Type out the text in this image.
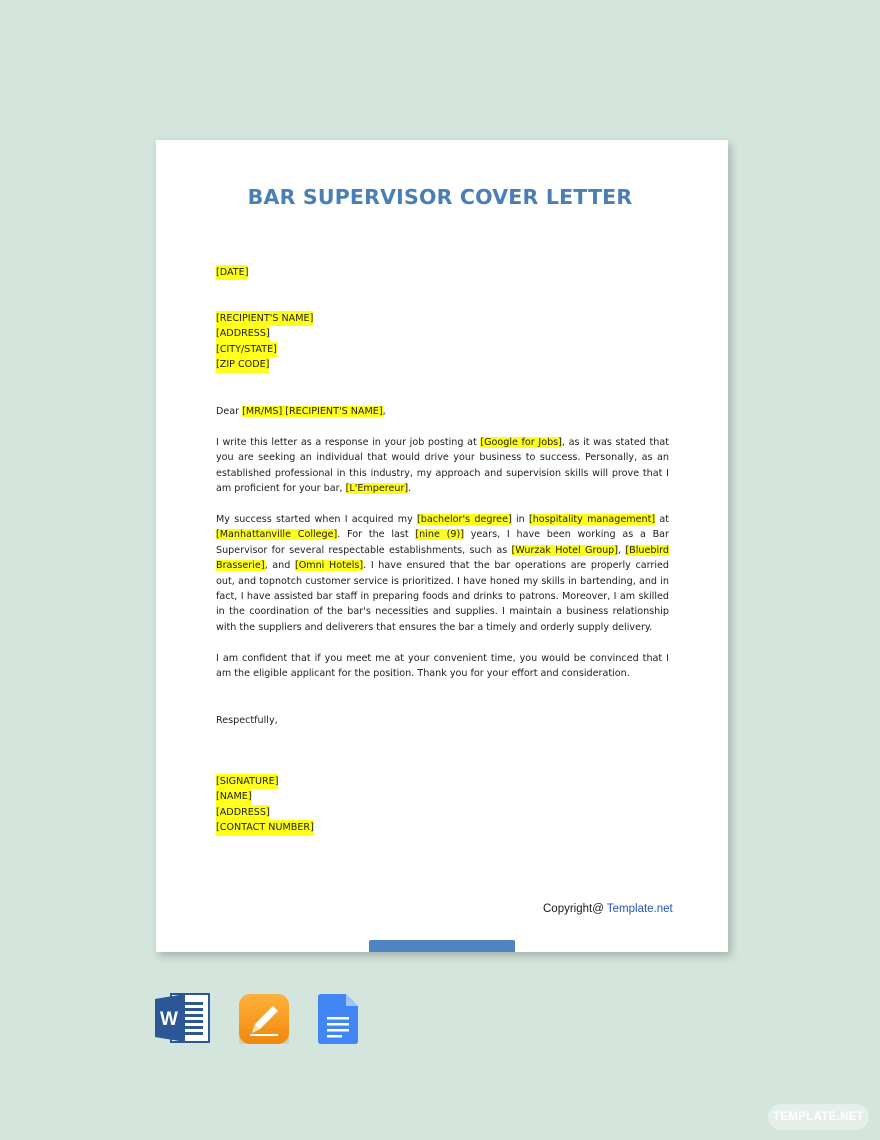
BAR SUPERVISOR COVER LETTER
[DATE]
[RECIPIENT'S NAME]
[ADDRESS]
[CITY/STATE]
[ZIP CODE]
Dear [MR/MS] [RECIPIENT'S NAME],

I write this letter as a response in your job posting at [Google for Jobs], as it was stated that you are seeking an individual that would drive your business to success. Personally, as an established professional in this industry, my approach and supervision skills will prove that I am proficient for your bar, [L'Empereur].

My success started when I acquired my [bachelor's degree] in [hospitality management] at [Manhattanville College]. For the last [nine (9)] years, I have been working as a Bar Supervisor for several respectable establishments, such as [Wurzak Hotel Group], [Bluebird Brasserie], and [Omni Hotels]. I have ensured that the bar operations are properly carried out, and topnotch customer service is prioritized. I have honed my skills in bartending, and in fact, I have assisted bar staff in preparing foods and drinks to patrons. Moreover, I am skilled in the coordination of the bar's necessities and supplies. I maintain a business relationship with the suppliers and deliverers that ensures the bar a timely and orderly supply delivery.

I am confident that if you meet me at your convenient time, you would be convinced that I am the eligible applicant for the position. Thank you for your effort and consideration.

Respectfully,
[SIGNATURE]
[NAME]
[ADDRESS]
[CONTACT NUMBER]
Copyright@ Template.net
W
TEMPLATE.NET
